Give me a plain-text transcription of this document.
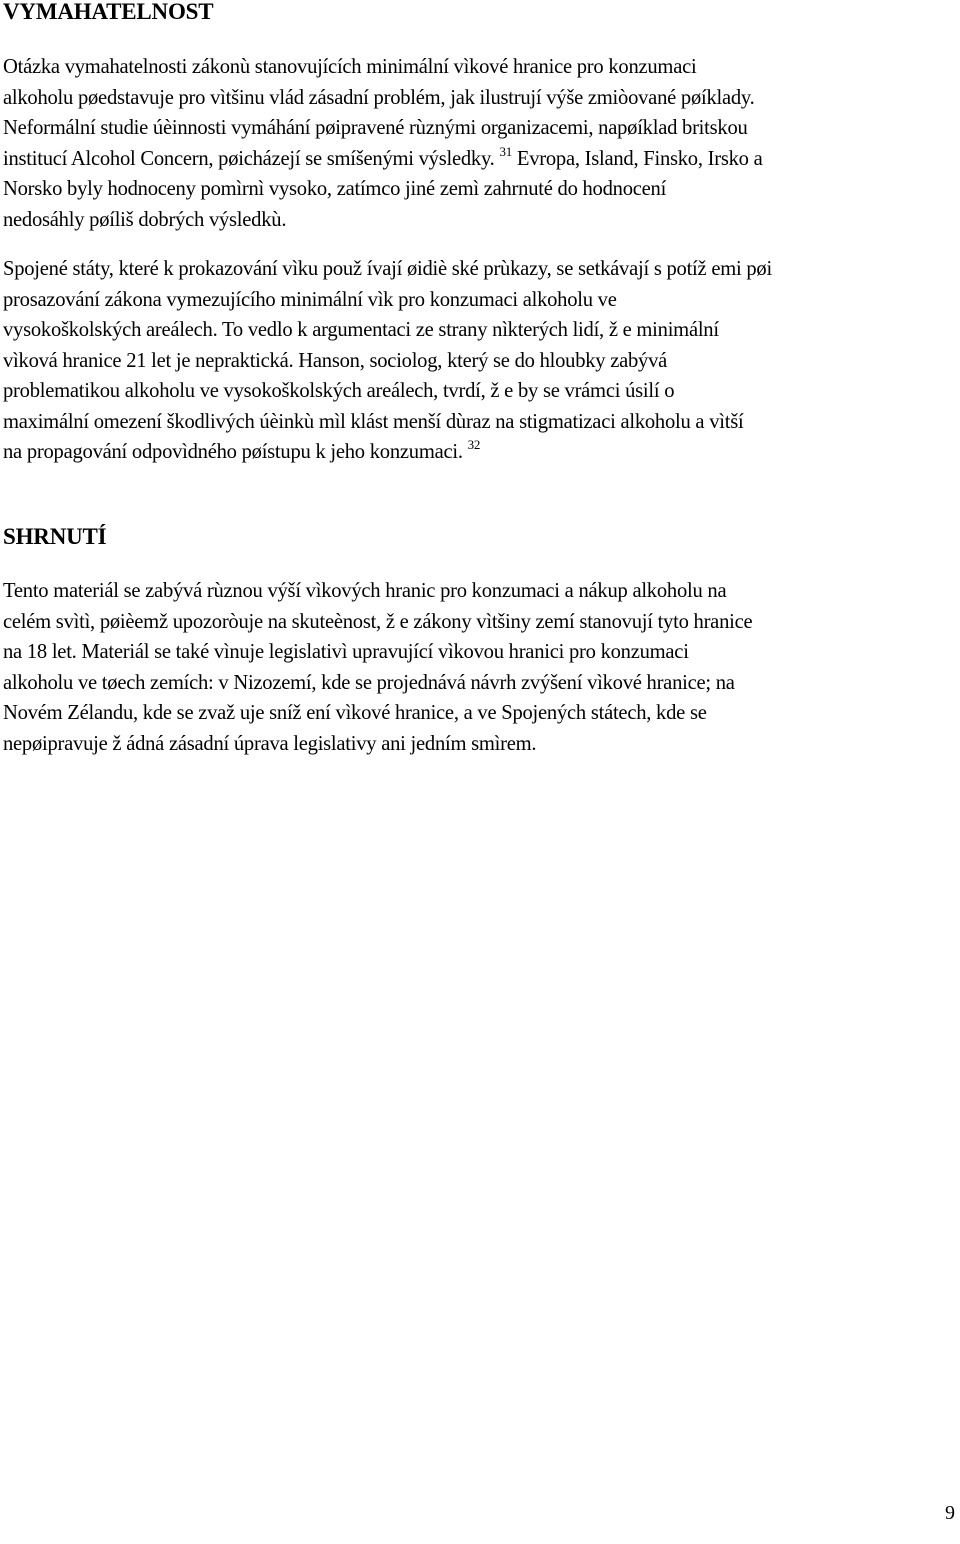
VYMAHATELNOST

Otázka vymahatelnosti zákonù stanovujících minimální vìkové hranice pro konzumaci
alkoholu pøedstavuje pro vìtšinu vlád zásadní problém, jak ilustrují výše zmiòované pøíklady.
Neformální studie úèinnosti vymáhání pøipravené rùznými organizacemi, napøíklad britskou
institucí Alcohol Concern, pøicházejí se smíšenými výsledky. $^{31}$ Evropa, Island, Finsko, Irsko a
Norsko byly hodnoceny pomìrnì vysoko, zatímco jiné zemì zahrnuté do hodnocení
nedosáhly pøíliš dobrých výsledkù.

Spojené státy, které k prokazování vìku použ ívají øidiè ské prùkazy, se setkávají s potíž emi pøi
prosazování zákona vymezujícího minimální vìk pro konzumaci alkoholu ve
vysokoškolských areálech. To vedlo k argumentaci ze strany nìkterých lidí, ž e minimální
vìková hranice 21 let je nepraktická. Hanson, sociolog, který se do hloubky zabývá
problematikou alkoholu ve vysokoškolských areálech, tvrdí, ž e by se vrámci úsilí o
maximální omezení škodlivých úèinkù mìl klást menší dùraz na stigmatizaci alkoholu a vìtší
na propagování odpovìdného pøístupu k jeho konzumaci. $^{32}$

SHRNUTÍ

Tento materiál se zabývá rùznou výší vìkových hranic pro konzumaci a nákup alkoholu na
celém svìtì, pøièemž upozoròuje na skuteènost, ž e zákony vìtšiny zemí stanovují tyto hranice
na 18 let. Materiál se také vìnuje legislativì upravující vìkovou hranici pro konzumaci
alkoholu ve tøech zemích: v Nizozemí, kde se projednává návrh zvýšení vìkové hranice; na
Novém Zélandu, kde se zvaž uje sníž ení vìkové hranice, a ve Spojených státech, kde se
nepøipravuje ž ádná zásadní úprava legislativy ani jedním smìrem.

9
